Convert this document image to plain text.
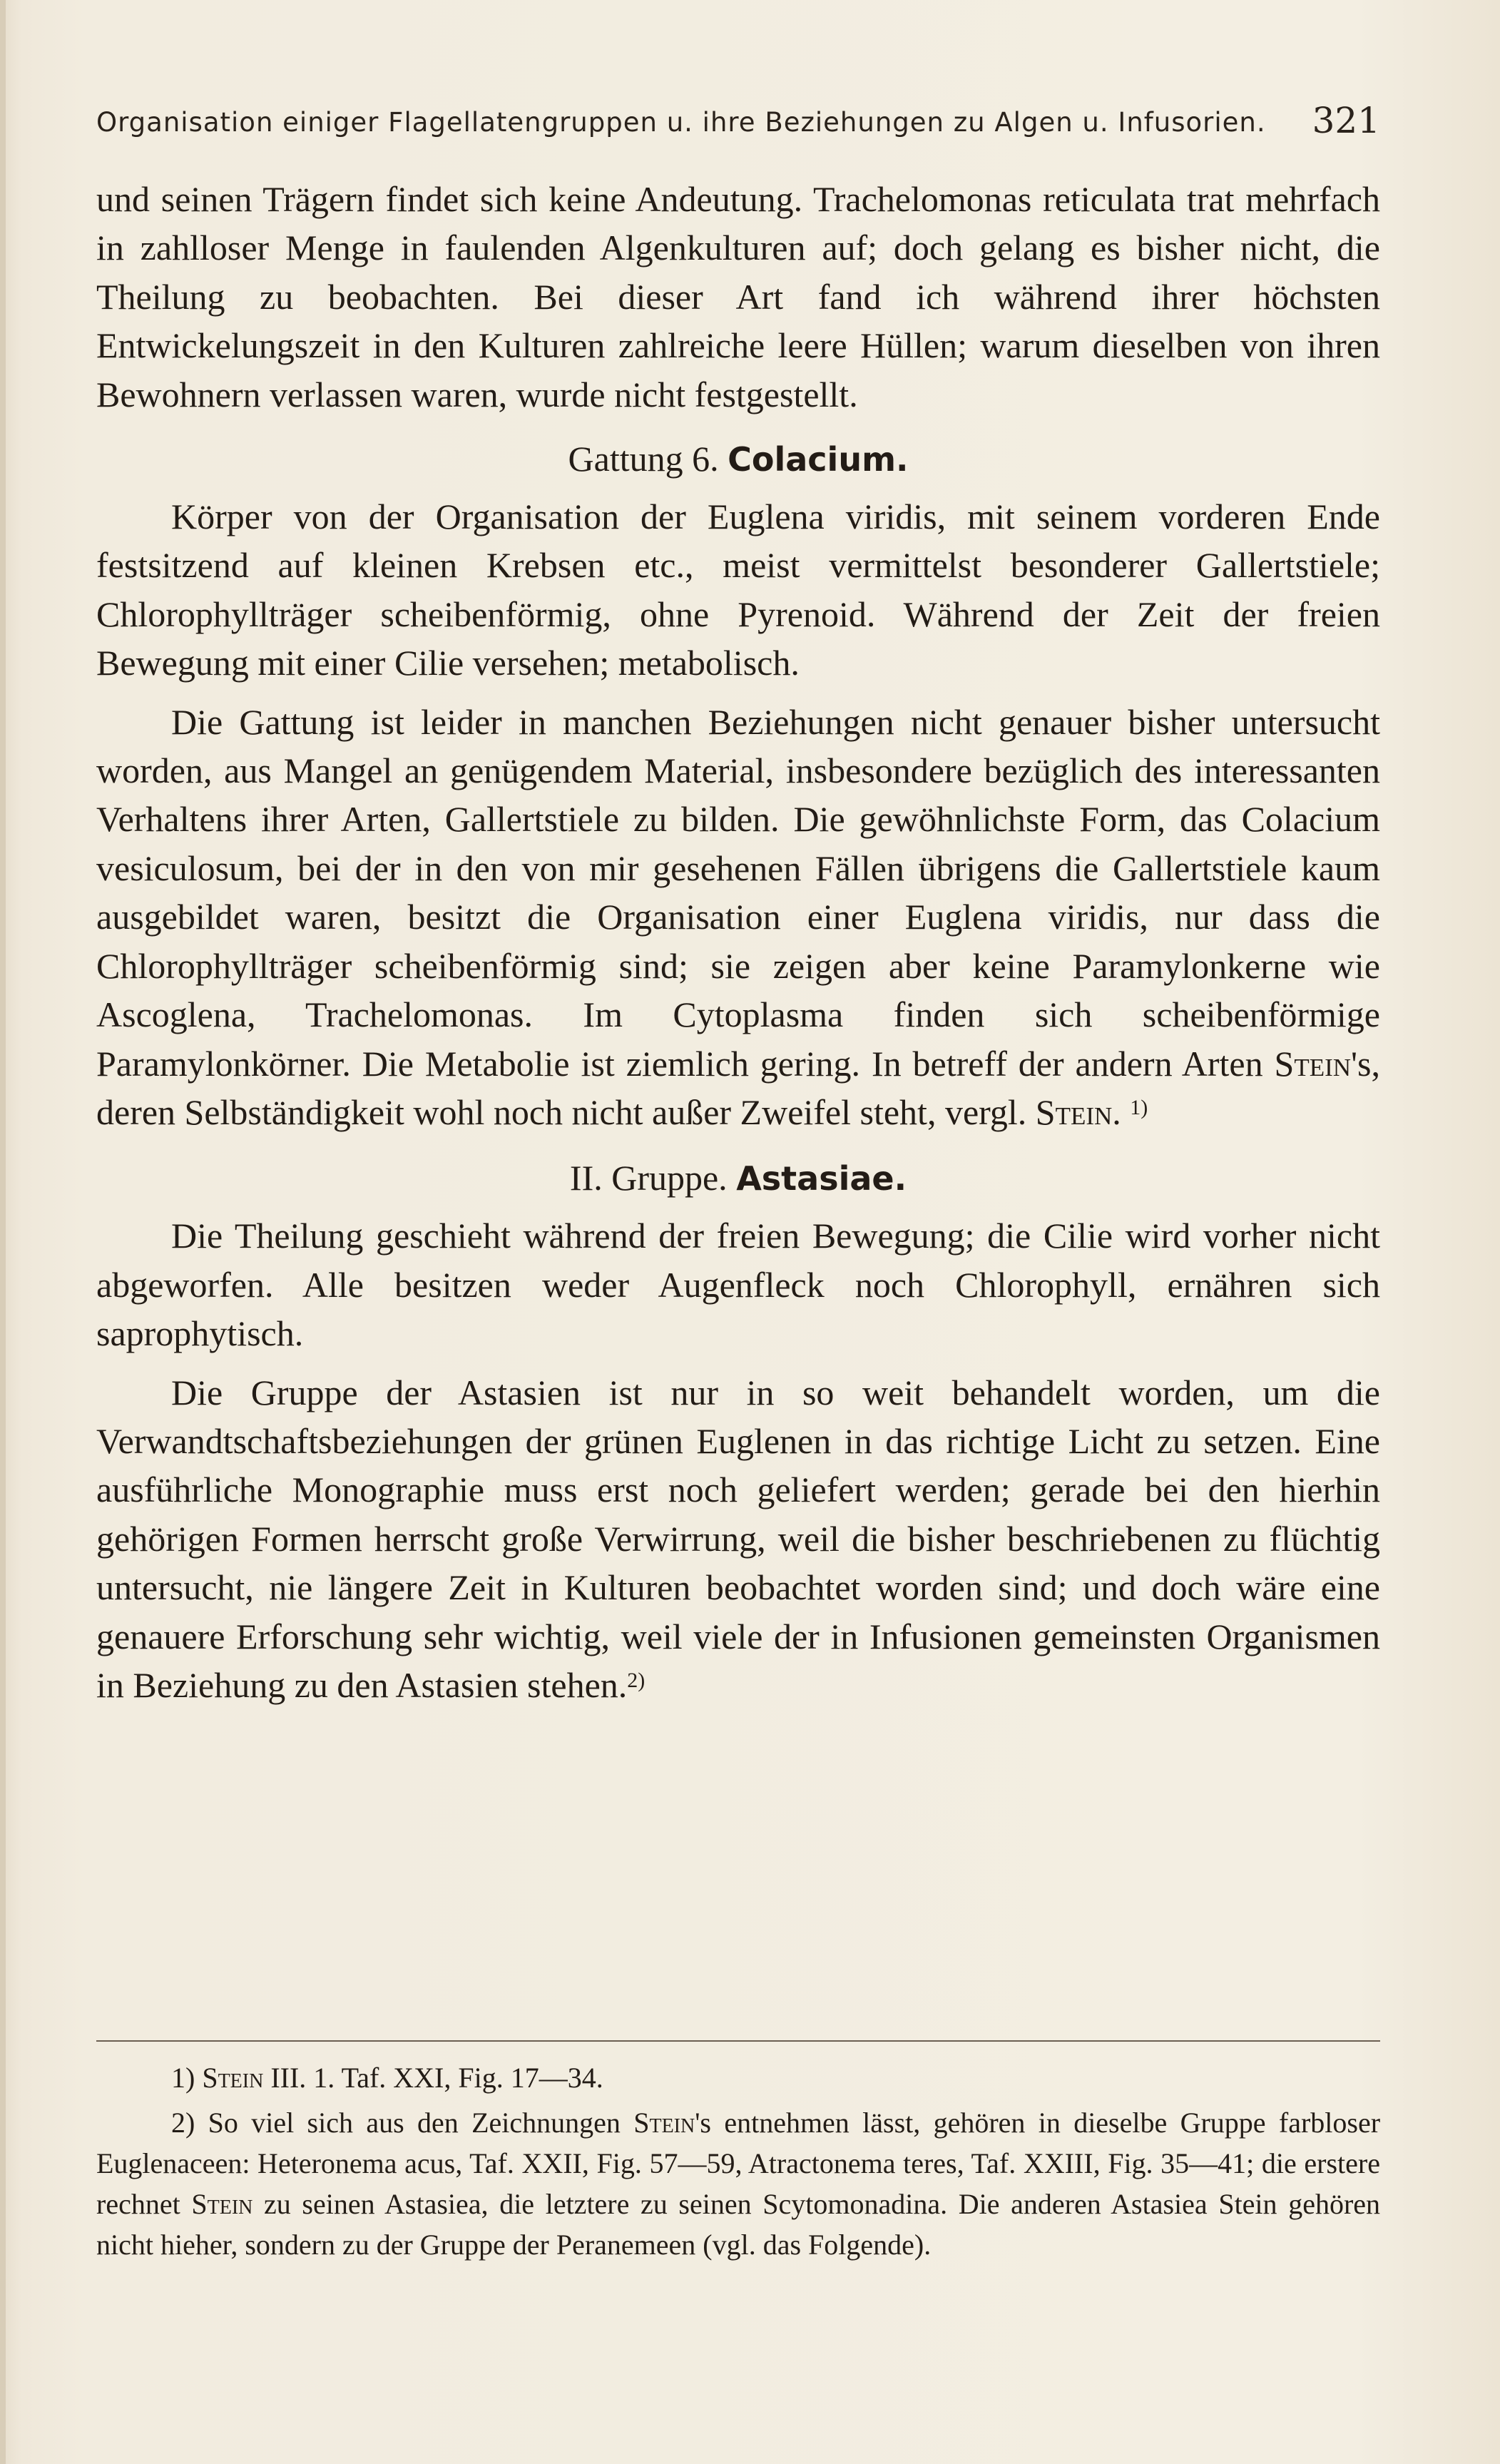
Organisation einiger Flagellatengruppen u. ihre Beziehungen zu Algen u. Infusorien. 321

und seinen Trägern findet sich keine Andeutung. Trachelomonas reticulata trat mehrfach in zahlloser Menge in faulenden Algenkulturen auf; doch gelang es bisher nicht, die Theilung zu beobachten. Bei dieser Art fand ich während ihrer höchsten Entwickelungszeit in den Kulturen zahlreiche leere Hüllen; warum dieselben von ihren Bewohnern verlassen waren, wurde nicht festgestellt.

Gattung 6. Colacium.

Körper von der Organisation der Euglena viridis, mit seinem vorderen Ende festsitzend auf kleinen Krebsen etc., meist vermittelst besonderer Gallertstiele; Chlorophyllträger scheibenförmig, ohne Pyrenoid. Während der Zeit der freien Bewegung mit einer Cilie versehen; metabolisch.

Die Gattung ist leider in manchen Beziehungen nicht genauer bisher untersucht worden, aus Mangel an genügendem Material, insbesondere bezüglich des interessanten Verhaltens ihrer Arten, Gallertstiele zu bilden. Die gewöhnlichste Form, das Colacium vesiculosum, bei der in den von mir gesehenen Fällen übrigens die Gallertstiele kaum ausgebildet waren, besitzt die Organisation einer Euglena viridis, nur dass die Chlorophyllträger scheibenförmig sind; sie zeigen aber keine Paramylonkerne wie Ascoglena, Trachelomonas. Im Cytoplasma finden sich scheibenförmige Paramylonkörner. Die Metabolie ist ziemlich gering. In betreff der andern Arten Stein's, deren Selbständigkeit wohl noch nicht außer Zweifel steht, vergl. Stein. $^{1)}$

II. Gruppe. Astasiae.

Die Theilung geschieht während der freien Bewegung; die Cilie wird vorher nicht abgeworfen. Alle besitzen weder Augenfleck noch Chlorophyll, ernähren sich saprophytisch.

Die Gruppe der Astasien ist nur in so weit behandelt worden, um die Verwandtschaftsbeziehungen der grünen Euglenen in das richtige Licht zu setzen. Eine ausführliche Monographie muss erst noch geliefert werden; gerade bei den hierhin gehörigen Formen herrscht große Verwirrung, weil die bisher beschriebenen zu flüchtig untersucht, nie längere Zeit in Kulturen beobachtet worden sind; und doch wäre eine genauere Erforschung sehr wichtig, weil viele der in Infusionen gemeinsten Organismen in Beziehung zu den Astasien stehen.$^{2)}$

1) Stein III. 1. Taf. XXI, Fig. 17—34.

2) So viel sich aus den Zeichnungen Stein's entnehmen lässt, gehören in dieselbe Gruppe farbloser Euglenaceen: Heteronema acus, Taf. XXII, Fig. 57—59, Atractonema teres, Taf. XXIII, Fig. 35—41; die erstere rechnet Stein zu seinen Astasiea, die letztere zu seinen Scytomonadina. Die anderen Astasiea Stein gehören nicht hieher, sondern zu der Gruppe der Peranemeen (vgl. das Folgende).
